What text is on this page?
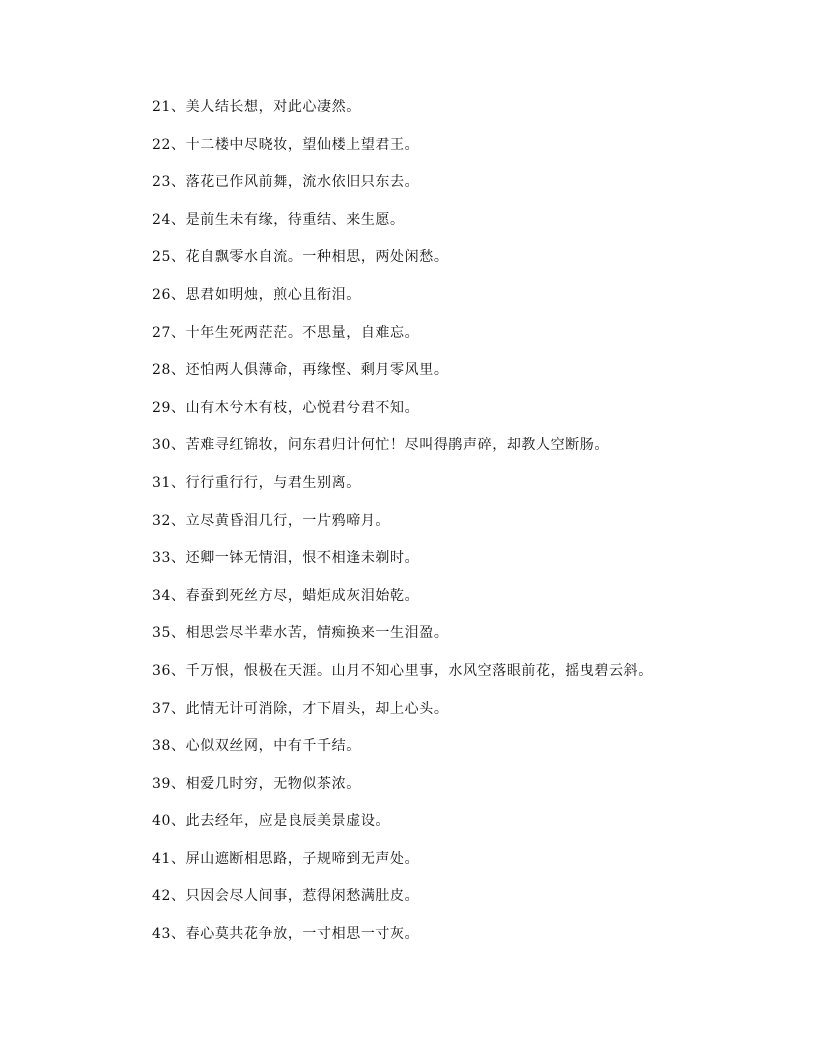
21、美人结长想，对此心凄然。
22、十二楼中尽晓妆，望仙楼上望君王。
23、落花已作风前舞，流水依旧只东去。
24、是前生未有缘，待重结、来生愿。
25、花自飘零水自流。一种相思，两处闲愁。
26、思君如明烛，煎心且衔泪。
27、十年生死两茫茫。不思量，自难忘。
28、还怕两人俱薄命，再缘悭、剩月零风里。
29、山有木兮木有枝，心悦君兮君不知。
30、苦难寻红锦妆，问东君归计何忙！尽叫得鹃声碎，却教人空断肠。
31、行行重行行，与君生别离。
32、立尽黄昏泪几行，一片鸦啼月。
33、还卿一钵无情泪，恨不相逢未剃时。
34、春蚕到死丝方尽，蜡炬成灰泪始乾。
35、相思尝尽半辈水苦，情痴换来一生泪盈。
36、千万恨，恨极在天涯。山月不知心里事，水风空落眼前花，摇曳碧云斜。
37、此情无计可消除，才下眉头，却上心头。
38、心似双丝网，中有千千结。
39、相爱几时穷，无物似茶浓。
40、此去经年，应是良辰美景虚设。
41、屏山遮断相思路，子规啼到无声处。
42、只因会尽人间事，惹得闲愁满肚皮。
43、春心莫共花争放，一寸相思一寸灰。
